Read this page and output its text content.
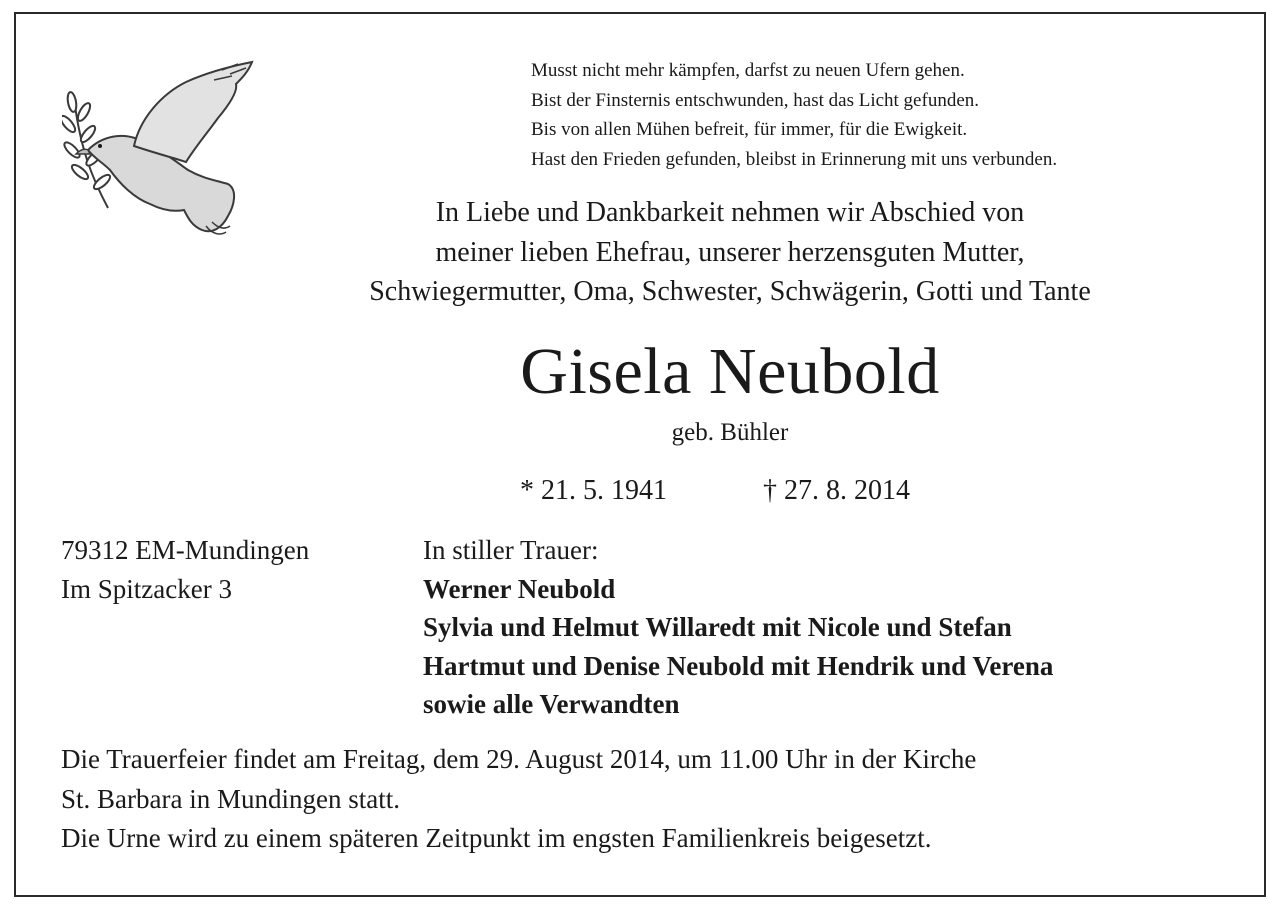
Musst nicht mehr kämpfen, darfst zu neuen Ufern gehen.
Bist der Finsternis entschwunden, hast das Licht gefunden.
Bis von allen Mühen befreit, für immer, für die Ewigkeit.
Hast den Frieden gefunden, bleibst in Erinnerung mit uns verbunden.
In Liebe und Dankbarkeit nehmen wir Abschied von
meiner lieben Ehefrau, unserer herzensguten Mutter,
Schwiegermutter, Oma, Schwester, Schwägerin, Gotti und Tante
Gisela Neubold
geb. Bühler
* 21. 5. 1941	† 27. 8. 2014
79312 EM-Mundingen
Im Spitzacker 3
In stiller Trauer:
Werner Neubold
Sylvia und Helmut Willaredt mit Nicole und Stefan
Hartmut und Denise Neubold mit Hendrik und Verena
sowie alle Verwandten
Die Trauerfeier findet am Freitag, dem 29. August 2014, um 11.00 Uhr in der Kirche
St. Barbara in Mundingen statt.
Die Urne wird zu einem späteren Zeitpunkt im engsten Familienkreis beigesetzt.
